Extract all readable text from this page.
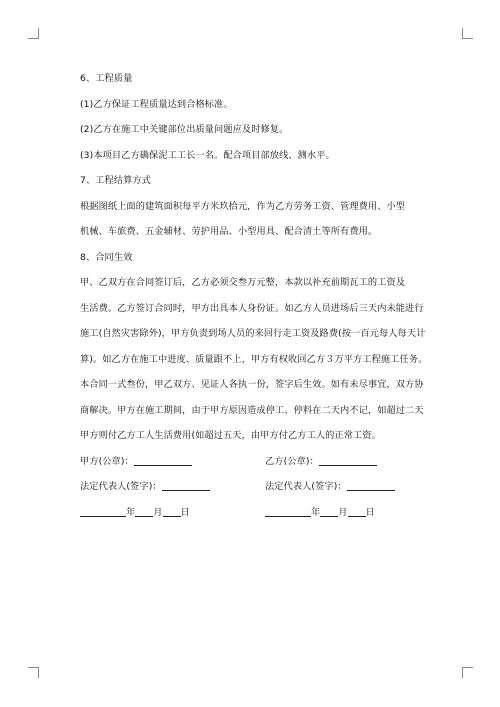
6、工程质量
(1)乙方保证工程质量达到合格标准。
(2)乙方在施工中关键部位出质量问题应及时修复。
(3)本项目乙方确保泥工工长一名。配合项目部放线、测水平。
7、工程结算方式
根据图纸上面的建筑面积每平方米玖拾元，作为乙方劳务工资、管理费用、小型
机械、车旅费、五金辅材、劳护用品、小型用具、配合清土等所有费用。
8、合同生效
甲、乙双方在合同签订后，乙方必须交叁万元整，本款以补充前期瓦工的工资及
生活费。乙方签订合同时，甲方出具本人身份证。如乙方人员进场后三天内未能进行
施工(自然灾害除外)，甲方负责到场人员的来回行走工资及路费(按一百元每人每天计
算)。如乙方在施工中进度、质量跟不上，甲方有权收回乙方３万平方工程施工任务。
本合同一式叁份，甲乙双方、见证人各执一份，签字后生效。如有未尽事宜，双方协
商解决。甲方在施工期间，由于甲方原因造成停工、停料在二天内不记，如超过二天
甲方则付乙方工人生活费用(如超过五天，由甲方付乙方工人的正常工资。
甲方(公章)：	乙方(公章)：
法定代表人(签字)：	法定代表人(签字)：
年 月 日	年 月 日
